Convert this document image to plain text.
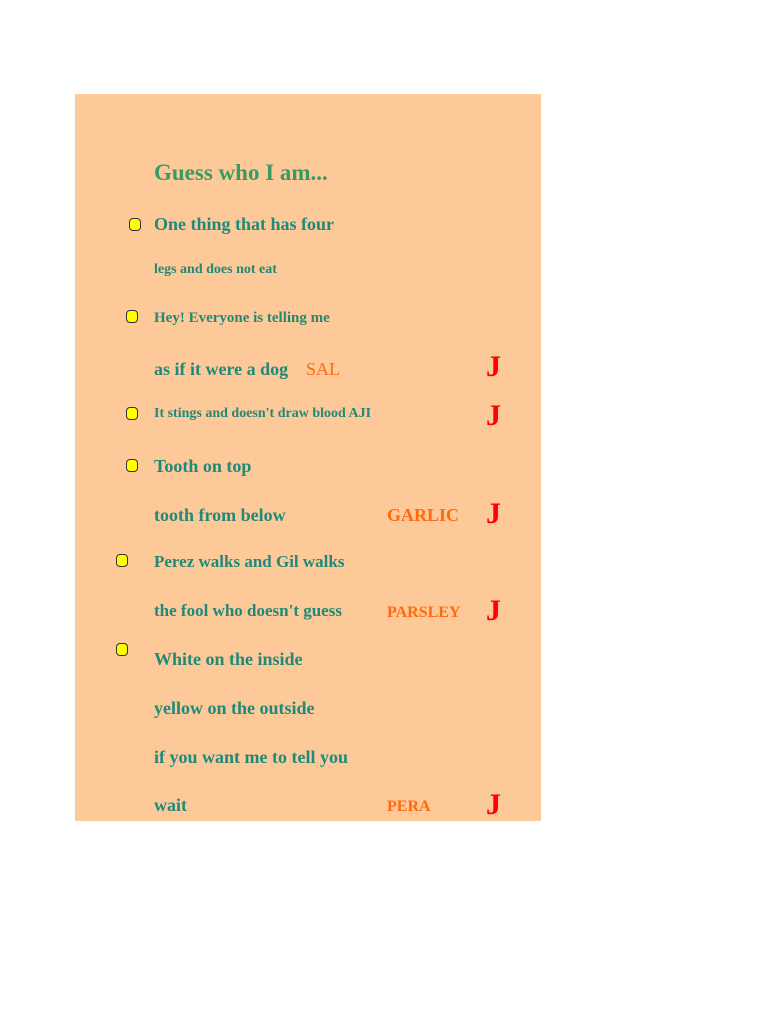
Guess who I am...
One thing that has four
legs and does not eat
Hey! Everyone is telling me
as if it were a dog SAL	J
It stings and doesn't draw blood AJI	J
Tooth on top
tooth from below	GARLIC J
Perez walks and Gil walks
the fool who doesn't guess	PARSLEY J
White on the inside
yellow on the outside
if you want me to tell you
wait	PERA J
